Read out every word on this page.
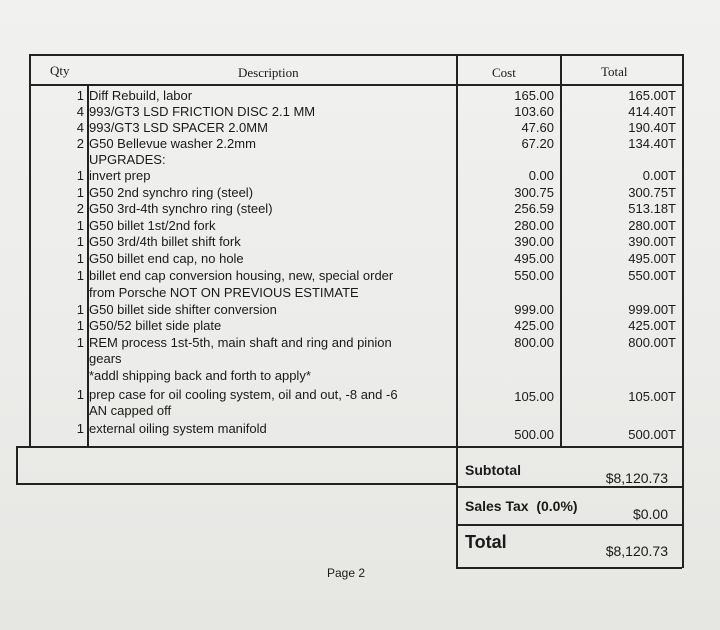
Qty	Description	Cost	Total
1 Diff Rebuild, labor	165.00	165.00T
4 993/GT3 LSD FRICTION DISC 2.1 MM	103.60	414.40T
4 993/GT3 LSD SPACER 2.0MM	47.60	190.40T
2 G50 Bellevue washer 2.2mm	67.20	134.40T
UPGRADES:
1 invert prep	0.00	0.00T
1 G50 2nd synchro ring (steel)	300.75	300.75T
2 G50 3rd-4th synchro ring (steel)	256.59	513.18T
1 G50 billet 1st/2nd fork	280.00	280.00T
1 G50 3rd/4th billet shift fork	390.00	390.00T
1 G50 billet end cap, no hole	495.00	495.00T
1 billet end cap conversion housing, new, special order	550.00	550.00T
from Porsche NOT ON PREVIOUS ESTIMATE
1 G50 billet side shifter conversion	999.00	999.00T
1 G50/52 billet side plate	425.00	425.00T
1 REM process 1st-5th, main shaft and ring and pinion	800.00	800.00T
gears
*addl shipping back and forth to apply*
1 prep case for oil cooling system, oil and out, -8 and -6	105.00	105.00T
AN capped off
1 external oiling system manifold	500.00	500.00T
Subtotal	$8,120.73
Sales Tax  (0.0%)	$0.00
Total	$8,120.73
Page 2
